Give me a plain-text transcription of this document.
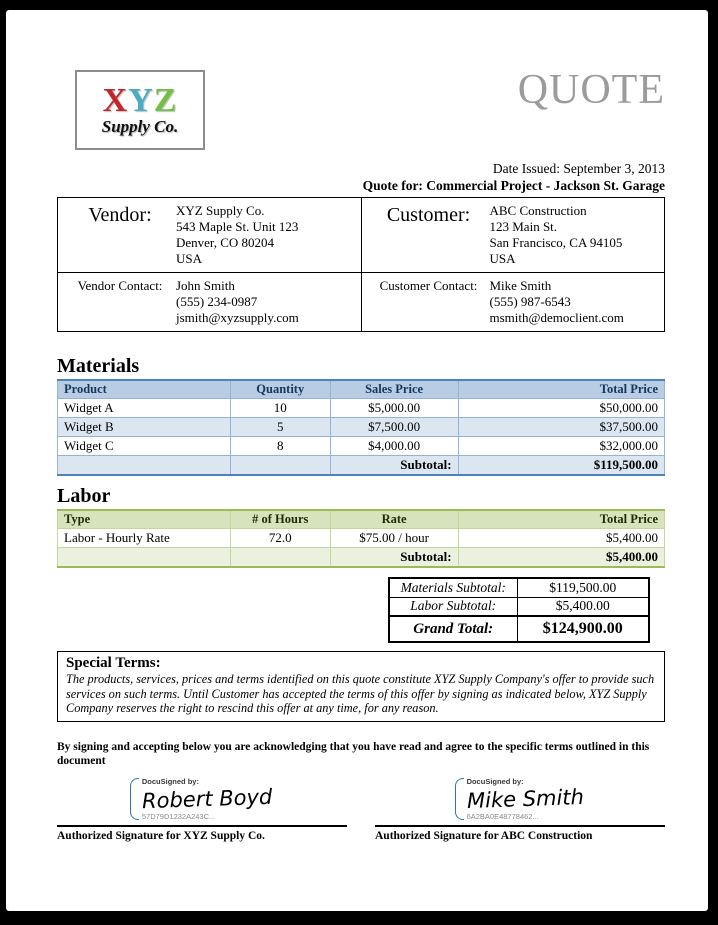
XYZ
Supply Co.
QUOTE
Date Issued: September 3, 2013
Quote for: Commercial Project - Jackson St. Garage
Vendor:	XYZ Supply Co.
543 Maple St. Unit 123
Denver, CO 80204
USA

Customer:	ABC Construction
123 Main St.
San Francisco, CA 94105
USA

Vendor Contact:	John Smith
(555) 234-0987
jsmith@xyzsupply.com

Customer Contact: Mike Smith
(555) 987-6543
msmith@democlient.com
Materials
Product	Quantity	Sales Price	Total Price
Widget A	10	$5,000.00	$50,000.00
Widget B	5	$7,500.00	$37,500.00
Widget C	8	$4,000.00	$32,000.00
		Subtotal:	$119,500.00
Labor
Type	# of Hours	Rate	Total Price
Labor - Hourly Rate	72.0	$75.00 / hour	$5,400.00
		Subtotal:	$5,400.00
Materials Subtotal:	$119,500.00
Labor Subtotal:	$5,400.00
Grand Total:	$124,900.00
Special Terms:
The products, services, prices and terms identified on this quote constitute XYZ Supply Company's offer to provide such services on such terms. Until Customer has accepted the terms of this offer by signing as indicated below, XYZ Supply Company reserves the right to rescind this offer at any time, for any reason.
By signing and accepting below you are acknowledging that you have read and agree to the specific terms outlined in this document
DocuSigned by:
Robert Boyd
57D79D1232A243C...
Authorized Signature for XYZ Supply Co.
DocuSigned by:
Mike Smith
6A2BA0E48778462...
Authorized Signature for ABC Construction
